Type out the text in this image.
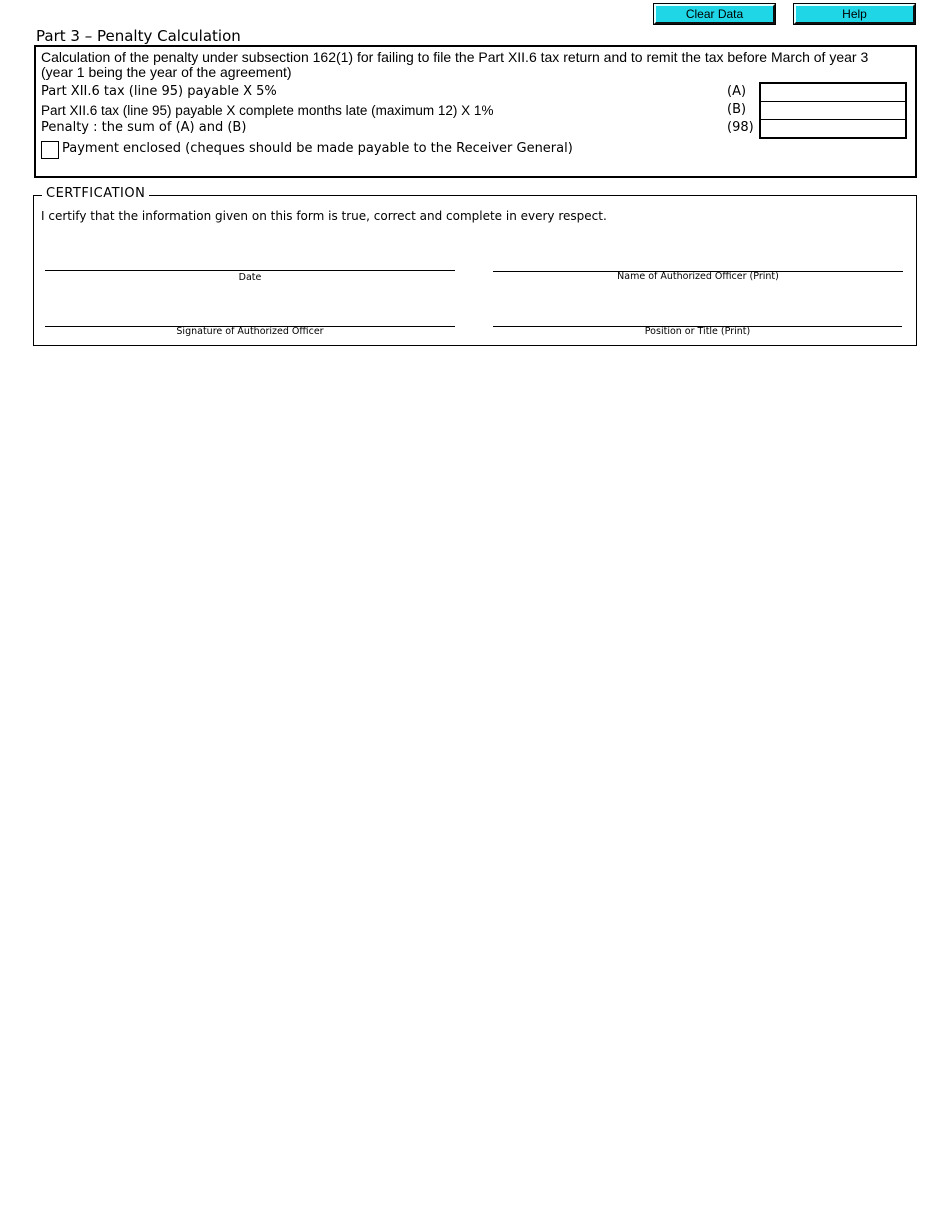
Clear Data	Help
Part 3 – Penalty Calculation
Calculation of the penalty under subsection 162(1) for failing to file the Part XII.6 tax return and to remit the tax before March of year 3 (year 1 being the year of the agreement)
Part XII.6 tax (line 95) payable X 5%	(A)
Part XII.6 tax (line 95) payable X complete months late (maximum 12) X 1%	(B)
Penalty : the sum of (A) and (B)	(98)
Payment enclosed (cheques should be made payable to the Receiver General)
CERTFICATION
I certify that the information given on this form is true, correct and complete in every respect.
Date	Name of Authorized Officer (Print)
Signature of Authorized Officer	Position or Title (Print)
